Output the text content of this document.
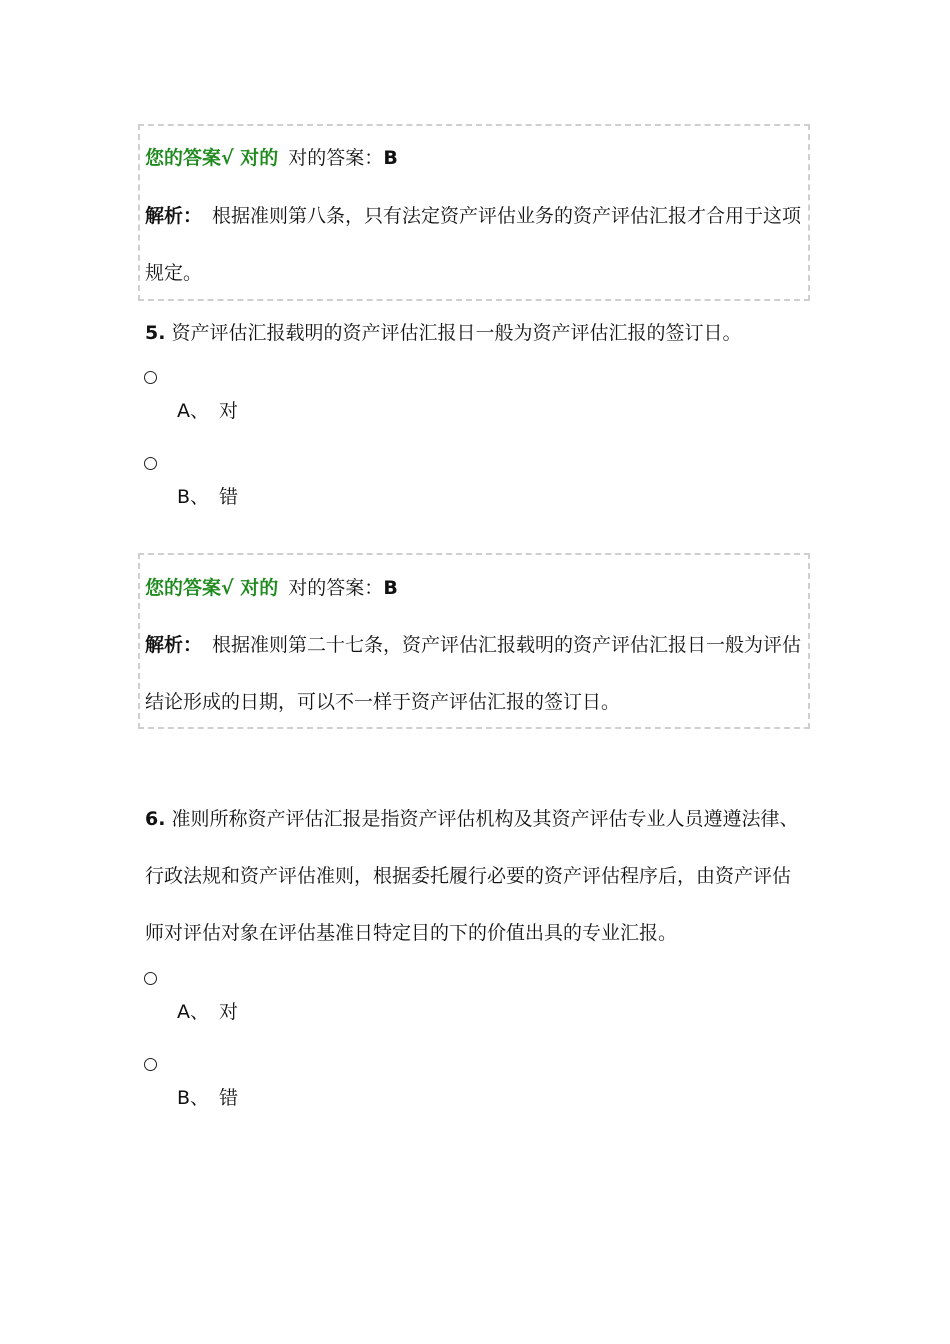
您的答案√ 对的 对的答案：B
解析： 根据准则第八条，只有法定资产评估业务的资产评估汇报才合用于这项
规定。
5. 资产评估汇报载明的资产评估汇报日一般为资产评估汇报的签订日。
A、 对
B、 错
您的答案√ 对的 对的答案：B
解析： 根据准则第二十七条，资产评估汇报载明的资产评估汇报日一般为评估
结论形成的日期，可以不一样于资产评估汇报的签订日。
6. 准则所称资产评估汇报是指资产评估机构及其资产评估专业人员遵遵法律、
行政法规和资产评估准则，根据委托履行必要的资产评估程序后，由资产评估
师对评估对象在评估基准日特定目的下的价值出具的专业汇报。
A、 对
B、 错
